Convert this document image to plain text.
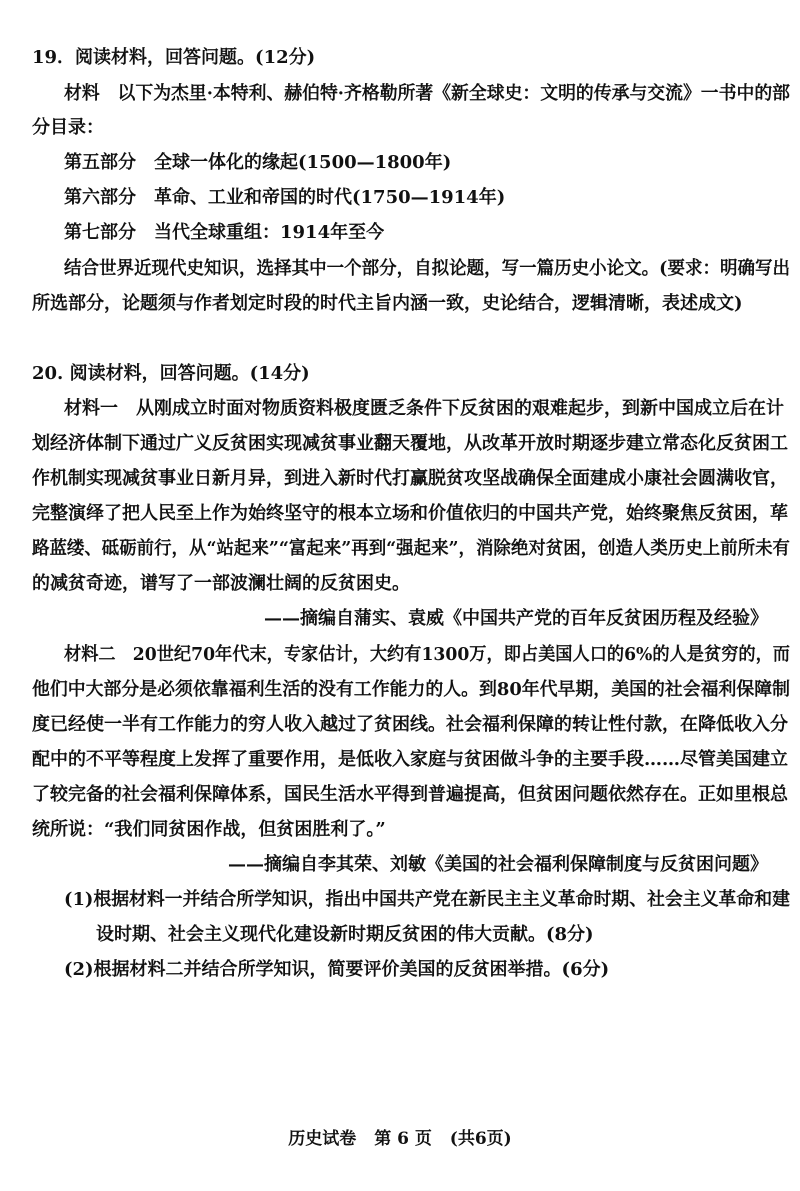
19．阅读材料，回答问题。(12分)
材料 以下为杰里·本特利、赫伯特·齐格勒所著《新全球史：文明的传承与交流》一书中的部
分目录：
第五部分 全球一体化的缘起(1500—1800年)
第六部分 革命、工业和帝国的时代(1750—1914年)
第七部分 当代全球重组：1914年至今
结合世界近现代史知识，选择其中一个部分，自拟论题，写一篇历史小论文。(要求：明确写出
所选部分，论题须与作者划定时段的时代主旨内涵一致，史论结合，逻辑清晰，表述成文)
20. 阅读材料，回答问题。(14分)
材料一 从刚成立时面对物质资料极度匮乏条件下反贫困的艰难起步，到新中国成立后在计
划经济体制下通过广义反贫困实现减贫事业翻天覆地，从改革开放时期逐步建立常态化反贫困工
作机制实现减贫事业日新月异，到进入新时代打赢脱贫攻坚战确保全面建成小康社会圆满收官，
完整演绎了把人民至上作为始终坚守的根本立场和价值依归的中国共产党，始终聚焦反贫困，荜
路蓝缕、砥砺前行，从“站起来”“富起来”再到“强起来”，消除绝对贫困，创造人类历史上前所未有
的减贫奇迹，谱写了一部波澜壮阔的反贫困史。
——摘编自蒲实、袁威《中国共产党的百年反贫困历程及经验》
材料二 20世纪70年代末，专家估计，大约有1300万，即占美国人口的6%的人是贫穷的，而
他们中大部分是必须依靠福利生活的没有工作能力的人。到80年代早期，美国的社会福利保障制
度已经使一半有工作能力的穷人收入越过了贫困线。社会福利保障的转让性付款，在降低收入分
配中的不平等程度上发挥了重要作用，是低收入家庭与贫困做斗争的主要手段……尽管美国建立
了较完备的社会福利保障体系，国民生活水平得到普遍提高，但贫困问题依然存在。正如里根总
统所说：“我们同贫困作战，但贫困胜利了。”
——摘编自李其荣、刘敏《美国的社会福利保障制度与反贫困问题》
(1)根据材料一并结合所学知识，指出中国共产党在新民主主义革命时期、社会主义革命和建
设时期、社会主义现代化建设新时期反贫困的伟大贡献。(8分)
(2)根据材料二并结合所学知识，简要评价美国的反贫困举措。(6分)
历史试卷 第 6 页 (共6页)
